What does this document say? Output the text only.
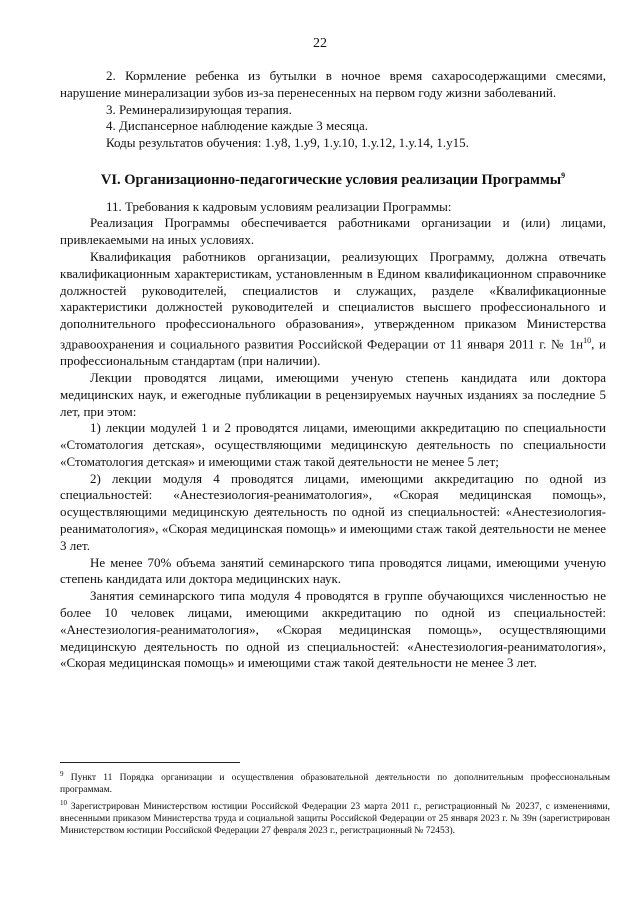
22

2. Кормление ребенка из бутылки в ночное время сахаросодержащими смесями, нарушение минерализации зубов из-за перенесенных на первом году жизни заболеваний.

3. Реминерализирующая терапия.

4. Диспансерное наблюдение каждые 3 месяца.

Коды результатов обучения: 1.у8, 1.у9, 1.у.10, 1.у.12, 1.у.14, 1.у15.

VI. Организационно-педагогические условия реализации Программы$^9$

11. Требования к кадровым условиям реализации Программы:

Реализация Программы обеспечивается работниками организации и (или) лицами, привлекаемыми на иных условиях.

Квалификация работников организации, реализующих Программу, должна отвечать квалификационным характеристикам, установленным в Едином квалификационном справочнике должностей руководителей, специалистов и служащих, разделе «Квалификационные характеристики должностей руководителей и специалистов высшего профессионального и дополнительного профессионального образования», утвержденном приказом Министерства здравоохранения и социального развития Российской Федерации от 11 января 2011 г. № $1н^{10}$, и профессиональным стандартам (при наличии).

Лекции проводятся лицами, имеющими ученую степень кандидата или доктора медицинских наук, и ежегодные публикации в рецензируемых научных изданиях за последние 5 лет, при этом:

1) лекции модулей 1 и 2 проводятся лицами, имеющими аккредитацию по специальности «Стоматология детская», осуществляющими медицинскую деятельность по специальности «Стоматология детская» и имеющими стаж такой деятельности не менее 5 лет;

2) лекции модуля 4 проводятся лицами, имеющими аккредитацию по одной из специальностей: «Анестезиология-реаниматология», «Скорая медицинская помощь», осуществляющими медицинскую деятельность по одной из специальностей: «Анестезиология-реаниматология», «Скорая медицинская помощь» и имеющими стаж такой деятельности не менее 3 лет.

Не менее 70% объема занятий семинарского типа проводятся лицами, имеющими ученую степень кандидата или доктора медицинских наук.

Занятия семинарского типа модуля 4 проводятся в группе обучающихся численностью не более 10 человек лицами, имеющими аккредитацию по одной из специальностей: «Анестезиология-реаниматология», «Скорая медицинская помощь», осуществляющими медицинскую деятельность по одной из специальностей: «Анестезиология-реаниматология», «Скорая медицинская помощь» и имеющими стаж такой деятельности не менее 3 лет.

$^9$ Пункт 11 Порядка организации и осуществления образовательной деятельности по дополнительным профессиональным программам.

$^{10}$ Зарегистрирован Министерством юстиции Российской Федерации 23 марта 2011 г., регистрационный № 20237, с изменениями, внесенными приказом Министерства труда и социальной защиты Российской Федерации от 25 января 2023 г. № 39н (зарегистрирован Министерством юстиции Российской Федерации 27 февраля 2023 г., регистрационный № 72453).
